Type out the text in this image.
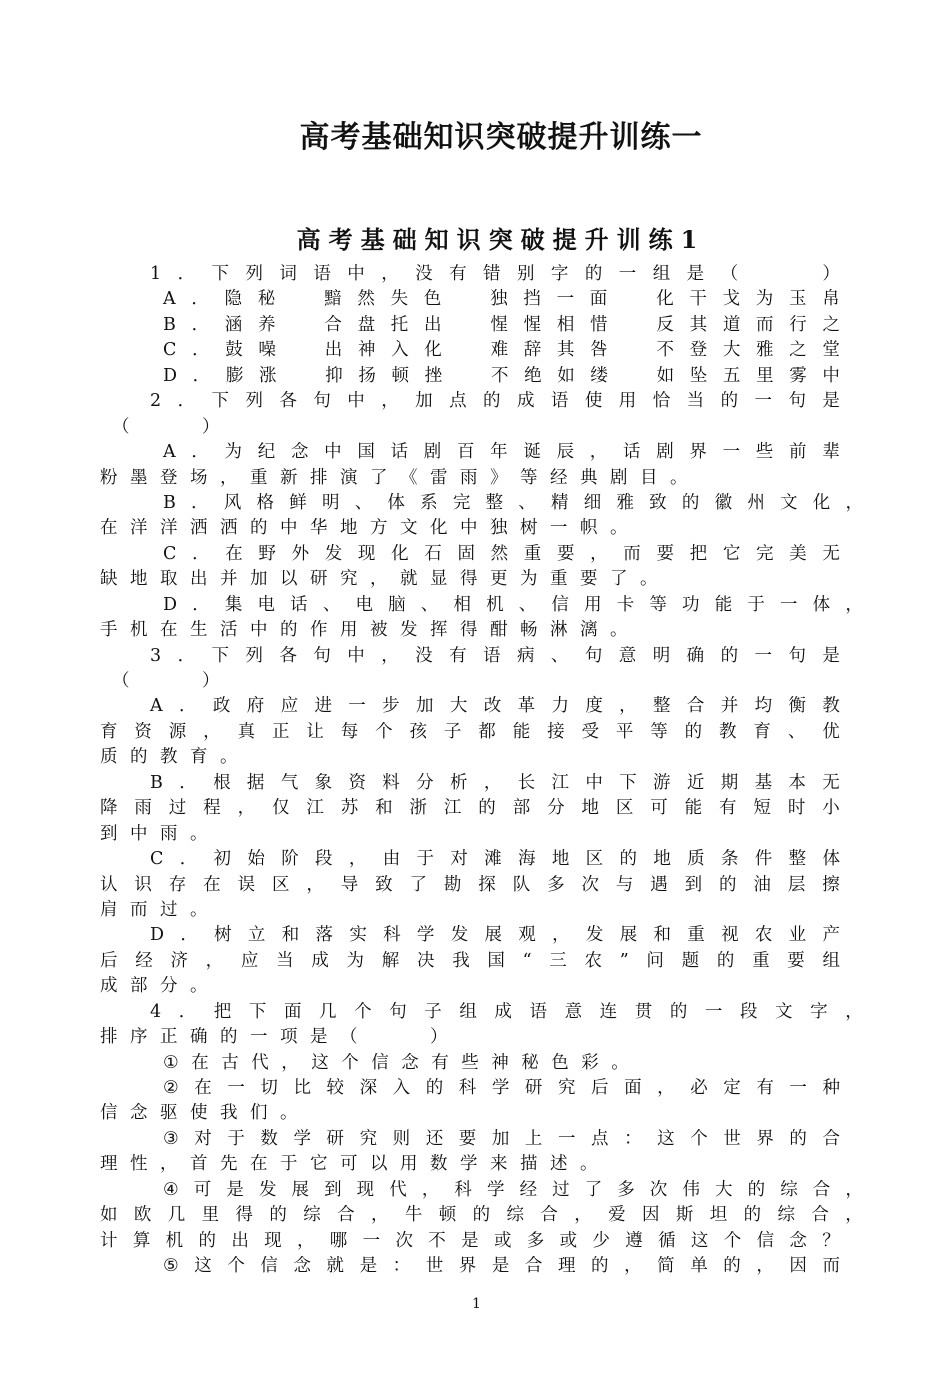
高考基础知识突破提升训练一
高考基础知识突破提升训练1
1 ． 下 列 词 语 中 ， 没 有 错 别 字 的 一 组 是 （

　	）
A ． 隐 秘
　	黯 然 失 色
　	独 挡 一 面
　	化 干 戈 为 玉 帛
B ． 涵 养
　	合 盘 托 出
　	惺 惺 相 惜
　	反 其 道 而 行 之
C ． 鼓 噪
　	出 神 入 化
　	难 辞 其 咎
　	不 登 大 雅 之 堂
D ． 膨 涨
　	抑 扬 顿 挫
　	不 绝 如 缕
　	如 坠 五 里 雾 中
2 ． 下 列 各 句 中 ， 加 点 的 成 语 使 用 恰 当 的 一 句 是
（

　	）
A ． 为 纪 念 中 国 话 剧 百 年 诞 辰 ， 话 剧 界 一 些 前 辈
粉 墨 登 场 ， 重 新 排 演 了 《 雷 雨 》 等 经 典 剧 目 。
B ． 风 格 鲜 明 、 体 系 完 整 、 精 细 雅 致 的 徽 州 文 化 ，
在 洋 洋 洒 洒 的 中 华 地 方 文 化 中 独 树 一 帜 。
C ． 在 野 外 发 现 化 石 固 然 重 要 ， 而 要 把 它 完 美 无
缺 地 取 出 并 加 以 研 究 ， 就 显 得 更 为 重 要 了 。
D ． 集 电 话 、 电 脑 、 相 机 、 信 用 卡 等 功 能 于 一 体 ，
手 机 在 生 活 中 的 作 用 被 发 挥 得 酣 畅 淋 漓 。
3 ． 下 列 各 句 中 ， 没 有 语 病 、 句 意 明 确 的 一 句 是
（

　	）
A ． 政 府 应 进 一 步 加 大 改 革 力 度 ， 整 合 并 均 衡 教
育 资 源 ， 真 正 让 每 个 孩 子 都 能 接 受 平 等 的 教 育 、 优
质 的 教 育 。
B ． 根 据 气 象 资 料 分 析 ， 长 江 中 下 游 近 期 基 本 无
降 雨 过 程 ， 仅 江 苏 和 浙 江 的 部 分 地 区 可 能 有 短 时 小
到 中 雨 。
C ． 初 始 阶 段 ， 由 于 对 滩 海 地 区 的 地 质 条 件 整 体
认 识 存 在 误 区 ， 导 致 了 勘 探 队 多 次 与 遇 到 的 油 层 擦
肩 而 过 。
D ． 树 立 和 落 实 科 学 发 展 观 ， 发 展 和 重 视 农 业 产
后 经 济 ， 应 当 成 为 解 决 我 国 “ 三 农 ” 问 题 的 重 要 组
成 部 分 。
4 ． 把 下 面 几 个 句 子 组 成 语 意 连 贯 的 一 段 文 字 ，
排 序 正 确 的 一 项 是 （

　	）
① 在 古 代 ， 这 个 信 念 有 些 神 秘 色 彩 。
② 在 一 切 比 较 深 入 的 科 学 研 究 后 面 ， 必 定 有 一 种
信 念 驱 使 我 们 。
③ 对 于 数 学 研 究 则 还 要 加 上 一 点 ： 这 个 世 界 的 合
理 性 ， 首 先 在 于 它 可 以 用 数 学 来 描 述 。
④ 可 是 发 展 到 现 代 ， 科 学 经 过 了 多 次 伟 大 的 综 合 ，
如 欧 几 里 得 的 综 合 ， 牛 顿 的 综 合 ， 爱 因 斯 坦 的 综 合 ，
计 算 机 的 出 现 ， 哪 一 次 不 是 或 多 或 少 遵 循 这 个 信 念 ？
⑤ 这 个 信 念 就 是 ： 世 界 是 合 理 的 ， 简 单 的 ， 因 而
1
